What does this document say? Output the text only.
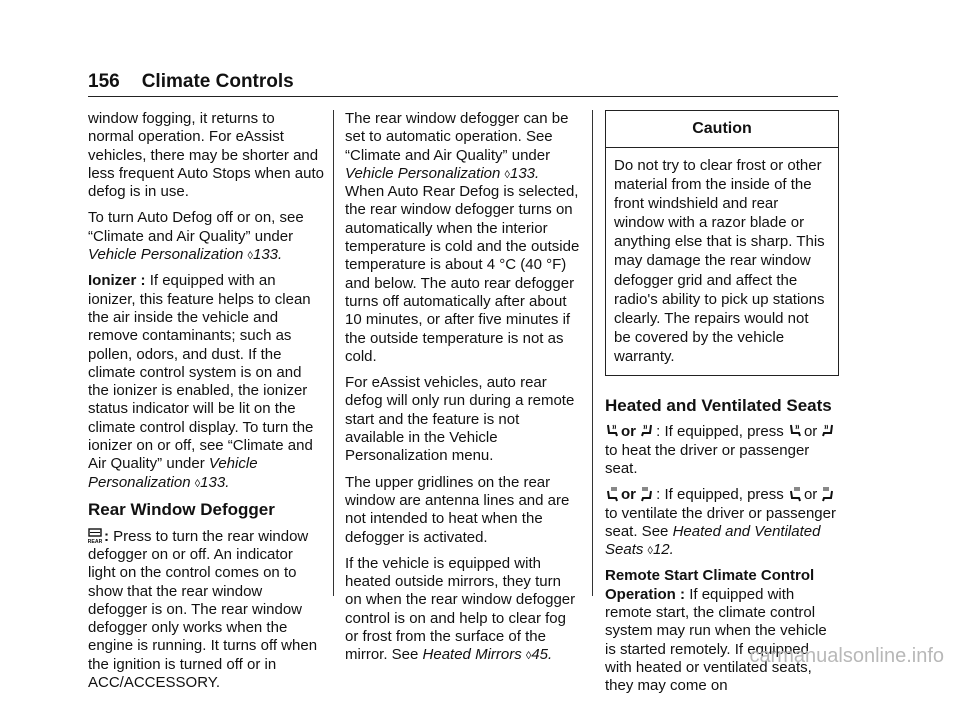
156 Climate Controls

window fogging, it returns to normal operation. For eAssist vehicles, there may be shorter and less frequent Auto Stops when auto defog is in use.

To turn Auto Defog off or on, see “Climate and Air Quality” under Vehicle Personalization ◊133.

Ionizer : If equipped with an ionizer, this feature helps to clean the air inside the vehicle and remove contaminants; such as pollen, odors, and dust. If the climate control system is on and the ionizer is enabled, the ionizer status indicator will be lit on the climate control display. To turn the ionizer on or off, see “Climate and Air Quality” under Vehicle Personalization ◊133.

Rear Window Defogger

REAR : Press to turn the rear window defogger on or off. An indicator light on the control comes on to show that the rear window defogger is on. The rear window defogger only works when the engine is running. It turns off when the ignition is turned off or in ACC/ACCESSORY.

The rear window defogger can be set to automatic operation. See “Climate and Air Quality” under Vehicle Personalization ◊133. When Auto Rear Defog is selected, the rear window defogger turns on automatically when the interior temperature is cold and the outside temperature is about 4 °C (40 °F) and below. The auto rear defogger turns off automatically after about 10 minutes, or after five minutes if the outside temperature is not as cold.

For eAssist vehicles, auto rear defog will only run during a remote start and the feature is not available in the Vehicle Personalization menu.

The upper gridlines on the rear window are antenna lines and are not intended to heat when the defogger is activated.

If the vehicle is equipped with heated outside mirrors, they turn on when the rear window defogger control is on and help to clear fog or frost from the surface of the mirror. See Heated Mirrors ◊45.

Caution
Do not try to clear frost or other material from the inside of the front windshield and rear window with a razor blade or anything else that is sharp. This may damage the rear window defogger grid and affect the radio's ability to pick up stations clearly. The repairs would not be covered by the vehicle warranty.
Heated and Ventilated Seats

or : If equipped, press or  to heat the driver or passenger seat.

or : If equipped, press or  to ventilate the driver or passenger seat. See Heated and Ventilated Seats ◊12.

Remote Start Climate Control Operation : If equipped with remote start, the climate control system may run when the vehicle is started remotely. If equipped with heated or ventilated seats, they may come on

carmanualsonline.info
